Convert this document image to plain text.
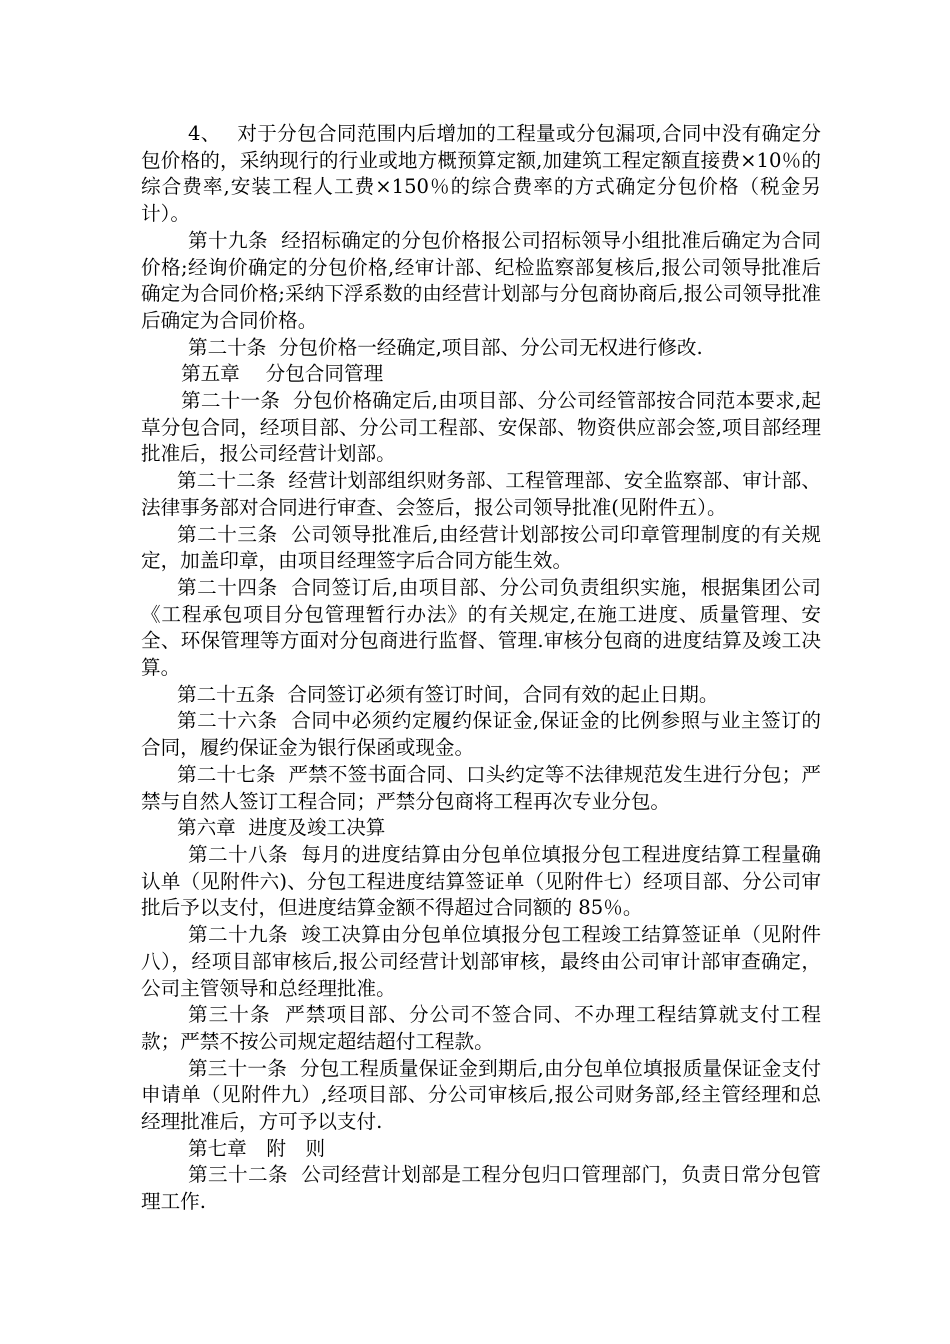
4、　 对于分包合同范围内后增加的工程量或分包漏项,合同中没有确定分包价格的，采纳现行的行业或地方概预算定额,加建筑工程定额直接费×10％的综合费率,安装工程人工费×150％的综合费率的方式确定分包价格（税金另计）。

第十九条  经招标确定的分包价格报公司招标领导小组批准后确定为合同价格;经询价确定的分包价格,经审计部、纪检监察部复核后,报公司领导批准后确定为合同价格;采纳下浮系数的由经营计划部与分包商协商后,报公司领导批准后确定为合同价格。

第二十条  分包价格一经确定,项目部、分公司无权进行修改.

第五章 　分包合同管理

第二十一条  分包价格确定后,由项目部、分公司经管部按合同范本要求,起草分包合同，经项目部、分公司工程部、安保部、物资供应部会签,项目部经理批准后，报公司经营计划部。

第二十二条  经营计划部组织财务部、工程管理部、安全监察部、审计部、法律事务部对合同进行审查、会签后，报公司领导批准(见附件五）。

第二十三条  公司领导批准后,由经营计划部按公司印章管理制度的有关规定，加盖印章，由项目经理签字后合同方能生效。

第二十四条  合同签订后,由项目部、分公司负责组织实施，根据集团公司《工程承包项目分包管理暂行办法》的有关规定,在施工进度、质量管理、安全、环保管理等方面对分包商进行监督、管理.审核分包商的进度结算及竣工决算。

第二十五条  合同签订必须有签订时间，合同有效的起止日期。

第二十六条  合同中必须约定履约保证金,保证金的比例参照与业主签订的合同，履约保证金为银行保函或现金。

第二十七条  严禁不签书面合同、口头约定等不法律规范发生进行分包；严禁与自然人签订工程合同；严禁分包商将工程再次专业分包。

第六章  进度及竣工决算

第二十八条  每月的进度结算由分包单位填报分包工程进度结算工程量确认单（见附件六)、分包工程进度结算签证单（见附件七）经项目部、分公司审批后予以支付，但进度结算金额不得超过合同额的 85％。

第二十九条  竣工决算由分包单位填报分包工程竣工结算签证单（见附件八），经项目部审核后,报公司经营计划部审核，最终由公司审计部审查确定，公司主管领导和总经理批准。

第三十条  严禁项目部、分公司不签合同、不办理工程结算就支付工程款；严禁不按公司规定超结超付工程款。

第三十一条  分包工程质量保证金到期后,由分包单位填报质量保证金支付申请单（见附件九）,经项目部、分公司审核后,报公司财务部,经主管经理和总经理批准后，方可予以支付.

第七章　附　则

第三十二条  公司经营计划部是工程分包归口管理部门，负责日常分包管理工作.
